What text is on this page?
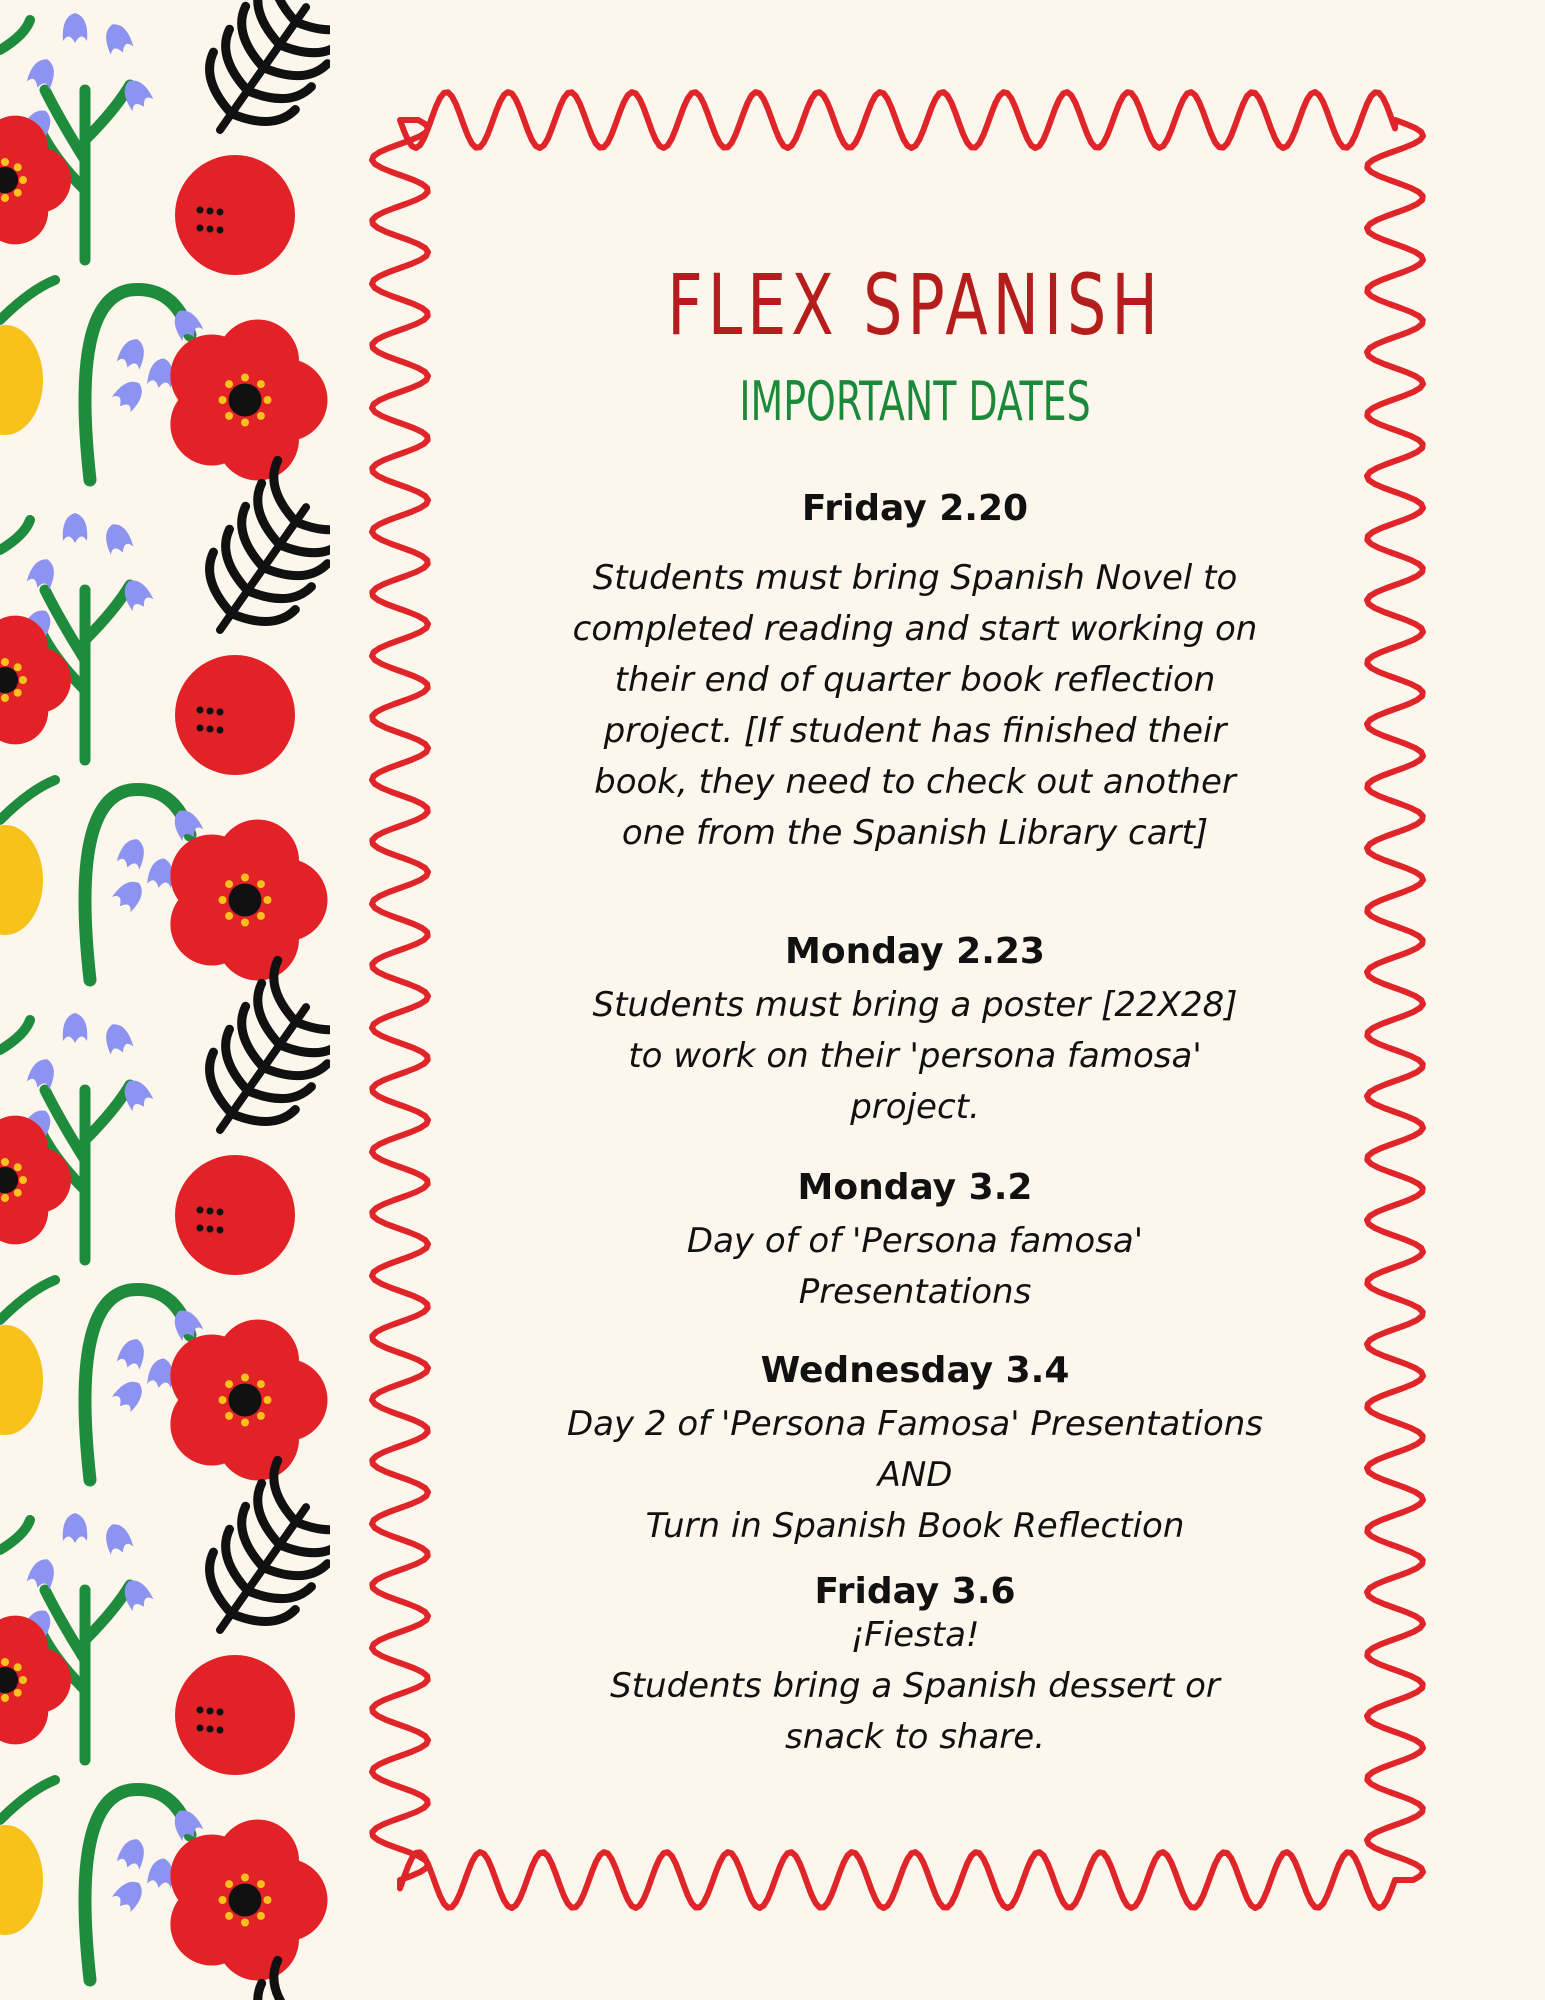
FLEX SPANISH
IMPORTANT DATES
Friday 2.20
Students must bring Spanish Novel to
completed reading and start working on
their end of quarter book reflection
project. [If student has finished their
book, they need to check out another
one from the Spanish Library cart]
Monday 2.23
Students must bring a poster [22X28]
to work on their 'persona famosa'
project.
Monday 3.2
Day of of 'Persona famosa'
Presentations
Wednesday 3.4
Day 2 of 'Persona Famosa' Presentations
AND
Turn in Spanish Book Reflection
Friday 3.6
¡Fiesta!
Students bring a Spanish dessert or
snack to share.
